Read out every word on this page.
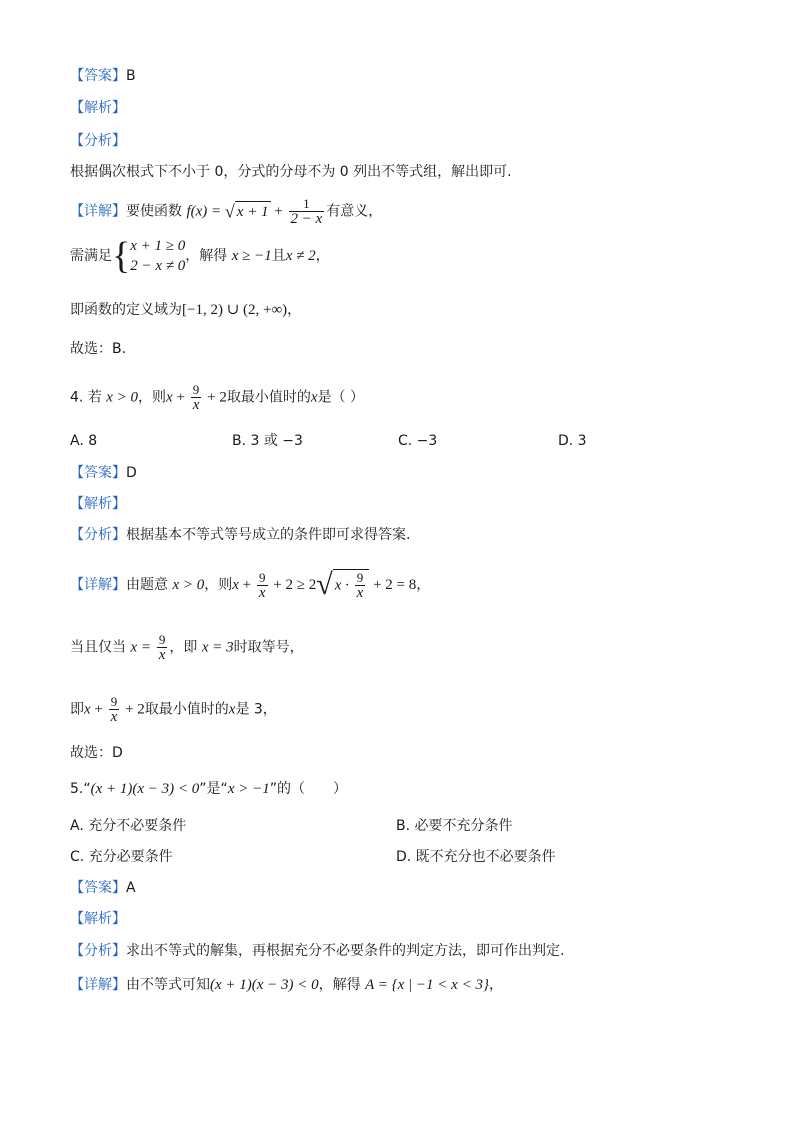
【答案】B
【解析】
【分析】
根据偶次根式下不小于 0，分式的分母不为 0 列出不等式组，解出即可.
【详解】要使函数 f(x) = √ $x + 1 + \frac{1}{2 - x}$ 有意义，
需满足{ x + 1 ≥ 0
2 − x ≠ 0
，解得 x ≥ −1且x ≠ 2，
即函数的定义域为[−1, 2) ∪ (2, +∞)，
故选：B.
4. 若 x > 0，则$x + \frac{9}{x} + 2$取最小值时的x是（ ）
A. 8	B. 3 或 −3	C. −3	D. 3
【答案】D
【解析】
【分析】根据基本不等式等号成立的条件即可求得答案.
【详解】由题意 x > 0，则$x + \frac{9}{x} + 2 \ge 2√$ $x \cdot \frac{9}{x} + 2 = 8$，
当且仅当 $x = \frac{9}{x}$ ，即 x = 3时取等号，
即$x + \frac{9}{x} + 2$取最小值时的x是 3，
故选：D
5.“(x + 1)(x − 3) < 0”是“x > −1”的（　　）
A. 充分不必要条件	B. 必要不充分条件
C. 充分必要条件	D. 既不充分也不必要条件
【答案】A
【解析】
【分析】求出不等式的解集，再根据充分不必要条件的判定方法，即可作出判定.
【详解】由不等式可知(x + 1)(x − 3) < 0，解得 A = {x | −1 < x < 3}，
